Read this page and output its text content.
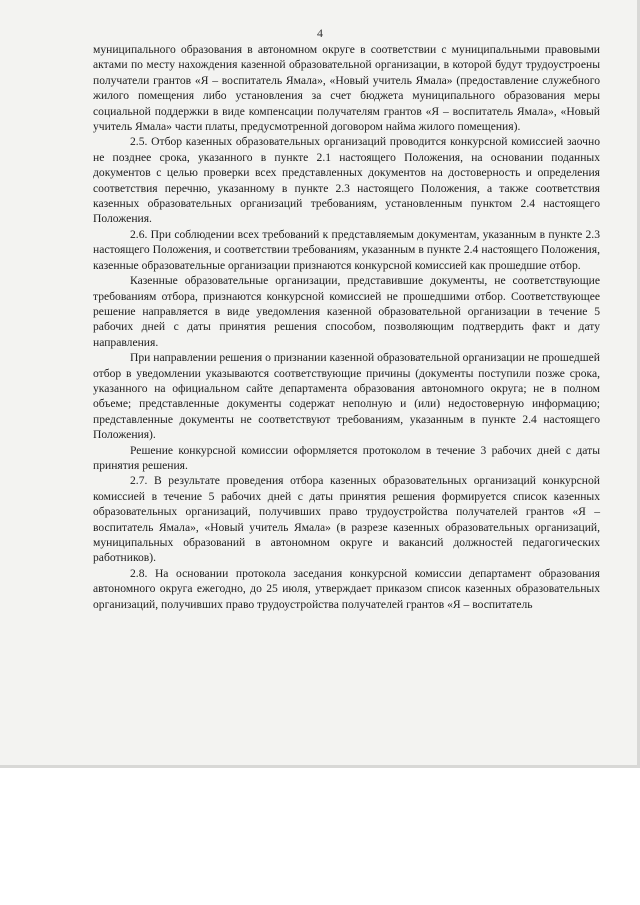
4

муниципального образования в автономном округе в соответствии с муниципальными правовыми актами по месту нахождения казенной образовательной организации, в которой будут трудоустроены получатели грантов «Я – воспитатель Ямала», «Новый учитель Ямала» (предоставление служебного жилого помещения либо установления за счет бюджета муниципального образования меры социальной поддержки в виде компенсации получателям грантов «Я – воспитатель Ямала», «Новый учитель Ямала» части платы, предусмотренной договором найма жилого помещения).

2.5. Отбор казенных образовательных организаций проводится конкурсной комиссией заочно не позднее срока, указанного в пункте 2.1 настоящего Положения, на основании поданных документов с целью проверки всех представленных документов на достоверность и определения соответствия перечню, указанному в пункте 2.3 настоящего Положения, а также соответствия казенных образовательных организаций требованиям, установленным пунктом 2.4 настоящего Положения.

2.6. При соблюдении всех требований к представляемым документам, указанным в пункте 2.3 настоящего Положения, и соответствии требованиям, указанным в пункте 2.4 настоящего Положения, казенные образовательные организации признаются конкурсной комиссией как прошедшие отбор.

Казенные образовательные организации, представившие документы, не соответствующие требованиям отбора, признаются конкурсной комиссией не прошедшими отбор. Соответствующее решение направляется в виде уведомления казенной образовательной организации в течение 5 рабочих дней с даты принятия решения способом, позволяющим подтвердить факт и дату направления.

При направлении решения о признании казенной образовательной организации не прошедшей отбор в уведомлении указываются соответствующие причины (документы поступили позже срока, указанного на официальном сайте департамента образования автономного округа; не в полном объеме; представленные документы содержат неполную и (или) недостоверную информацию; представленные документы не соответствуют требованиям, указанным в пункте 2.4 настоящего Положения).

Решение конкурсной комиссии оформляется протоколом в течение 3 рабочих дней с даты принятия решения.

2.7. В результате проведения отбора казенных образовательных организаций конкурсной комиссией в течение 5 рабочих дней с даты принятия решения формируется список казенных образовательных организаций, получивших право трудоустройства получателей грантов «Я – воспитатель Ямала», «Новый учитель Ямала» (в разрезе казенных образовательных организаций, муниципальных образований в автономном округе и вакансий должностей педагогических работников).

2.8. На основании протокола заседания конкурсной комиссии департамент образования автономного округа ежегодно, до 25 июля, утверждает приказом список казенных образовательных организаций, получивших право трудоустройства получателей грантов «Я – воспитатель
